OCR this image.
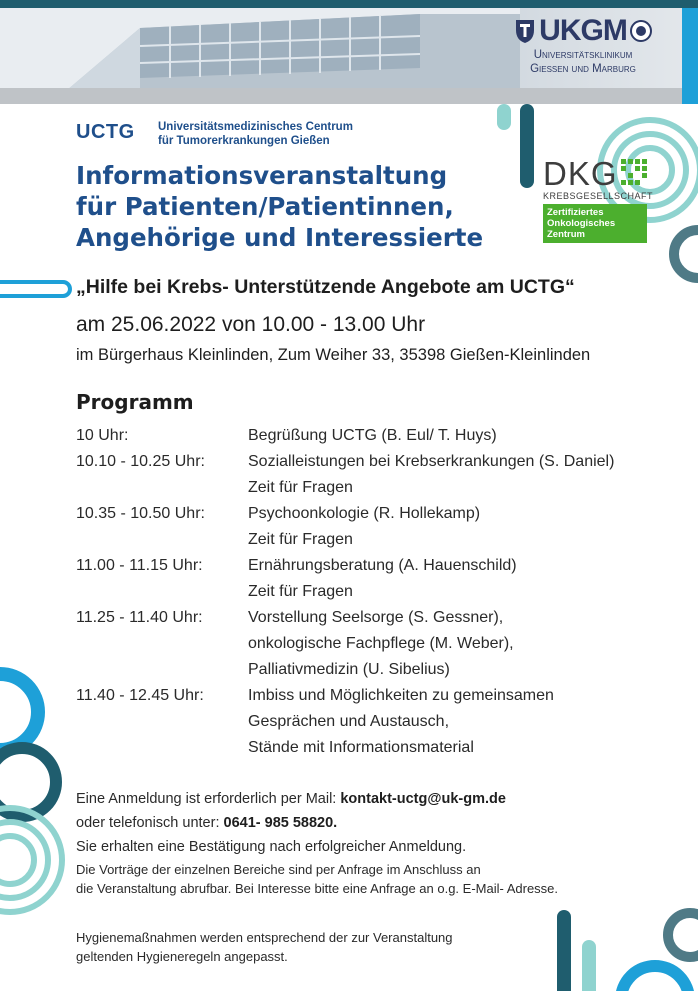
UKGM
Universitätsklinikum
Giessen und Marburg
UCTG Universitätsmedizinisches Centrum
für Tumorerkrankungen Gießen
Informationsveranstaltung
für Patienten/Patientinnen,
Angehörige und Interessierte
DKG
KREBSGESELLSCHAFT
Zertifiziertes
Onkologisches
Zentrum
„Hilfe bei Krebs- Unterstützende Angebote am UCTG“
am 25.06.2022 von 10.00 - 13.00 Uhr
im Bürgerhaus Kleinlinden, Zum Weiher 33, 35398 Gießen-Kleinlinden
Programm
10 Uhr:	Begrüßung UCTG (B. Eul/ T. Huys)
10.10 - 10.25 Uhr:	Sozialleistungen bei Krebserkrankungen (S. Daniel)
Zeit für Fragen
10.35 - 10.50 Uhr:	Psychoonkologie (R. Hollekamp)
Zeit für Fragen
11.00 - 11.15 Uhr:	Ernährungsberatung (A. Hauenschild)
Zeit für Fragen
11.25 - 11.40 Uhr:	Vorstellung Seelsorge (S. Gessner),
onkologische Fachpflege (M. Weber),
Palliativmedizin (U. Sibelius)
11.40 - 12.45 Uhr:	Imbiss und Möglichkeiten zu gemeinsamen
Gesprächen und Austausch,
Stände mit Informationsmaterial
Eine Anmeldung ist erforderlich per Mail: kontakt-uctg@uk-gm.de
oder telefonisch unter: 0641- 985 58820.
Sie erhalten eine Bestätigung nach erfolgreicher Anmeldung.
Die Vorträge der einzelnen Bereiche sind per Anfrage im Anschluss an
die Veranstaltung abrufbar. Bei Interesse bitte eine Anfrage an o.g. E-Mail- Adresse.
Hygienemaßnahmen werden entsprechend der zur Veranstaltung
geltenden Hygieneregeln angepasst.
